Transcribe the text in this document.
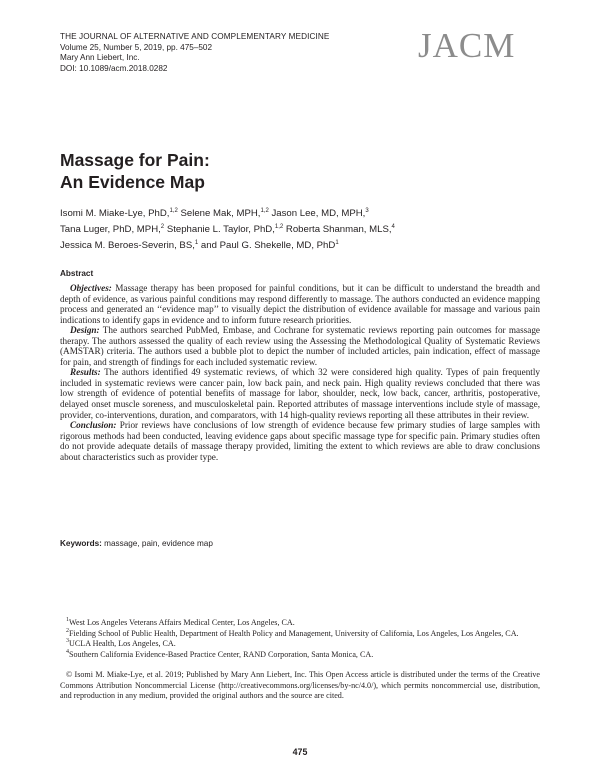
THE JOURNAL OF ALTERNATIVE AND COMPLEMENTARY MEDICINE
Volume 25, Number 5, 2019, pp. 475–502
Mary Ann Liebert, Inc.
DOI: 10.1089/acm.2018.0282
JACM
Massage for Pain:
An Evidence Map
Isomi M. Miake-Lye, PhD,$^{1,2}$ Selene Mak, MPH,$^{1,2}$ Jason Lee, MD, MPH,$^3$
Tana Luger, PhD, MPH,$^2$ Stephanie L. Taylor, PhD,$^{1,2}$ Roberta Shanman, MLS,$^4$
Jessica M. Beroes-Severin, BS,$^1$ and Paul G. Shekelle, MD, PhD$^1$
Abstract

Objectives: Massage therapy has been proposed for painful conditions, but it can be difficult to understand the breadth and depth of evidence, as various painful conditions may respond differently to massage. The authors conducted an evidence mapping process and generated an ‘‘evidence map’’ to visually depict the distribution of evidence available for massage and various pain indications to identify gaps in evidence and to inform future research priorities.

Design: The authors searched PubMed, Embase, and Cochrane for systematic reviews reporting pain outcomes for massage therapy. The authors assessed the quality of each review using the Assessing the Methodological Quality of Systematic Reviews (AMSTAR) criteria. The authors used a bubble plot to depict the number of included articles, pain indication, effect of massage for pain, and strength of findings for each included systematic review.

Results: The authors identified 49 systematic reviews, of which 32 were considered high quality. Types of pain frequently included in systematic reviews were cancer pain, low back pain, and neck pain. High quality reviews concluded that there was low strength of evidence of potential benefits of massage for labor, shoulder, neck, low back, cancer, arthritis, postoperative, delayed onset muscle soreness, and musculoskeletal pain. Reported attributes of massage interventions include style of massage, provider, co-interventions, duration, and comparators, with 14 high-quality reviews reporting all these attributes in their review.

Conclusion: Prior reviews have conclusions of low strength of evidence because few primary studies of large samples with rigorous methods had been conducted, leaving evidence gaps about specific massage type for specific pain. Primary studies often do not provide adequate details of massage therapy provided, limiting the extent to which reviews are able to draw conclusions about characteristics such as provider type.

Keywords: massage, pain, evidence map

$^1$West Los Angeles Veterans Affairs Medical Center, Los Angeles, CA.

$^2$Fielding School of Public Health, Department of Health Policy and Management, University of California, Los Angeles, Los Angeles, CA.

$^3$UCLA Health, Los Angeles, CA.

$^4$Southern California Evidence-Based Practice Center, RAND Corporation, Santa Monica, CA.

© Isomi M. Miake-Lye, et al. 2019; Published by Mary Ann Liebert, Inc. This Open Access article is distributed under the terms of the Creative Commons Attribution Noncommercial License (http://creativecommons.org/licenses/by-nc/4.0/), which permits noncommercial use, distribution, and reproduction in any medium, provided the original authors and the source are cited.

475
